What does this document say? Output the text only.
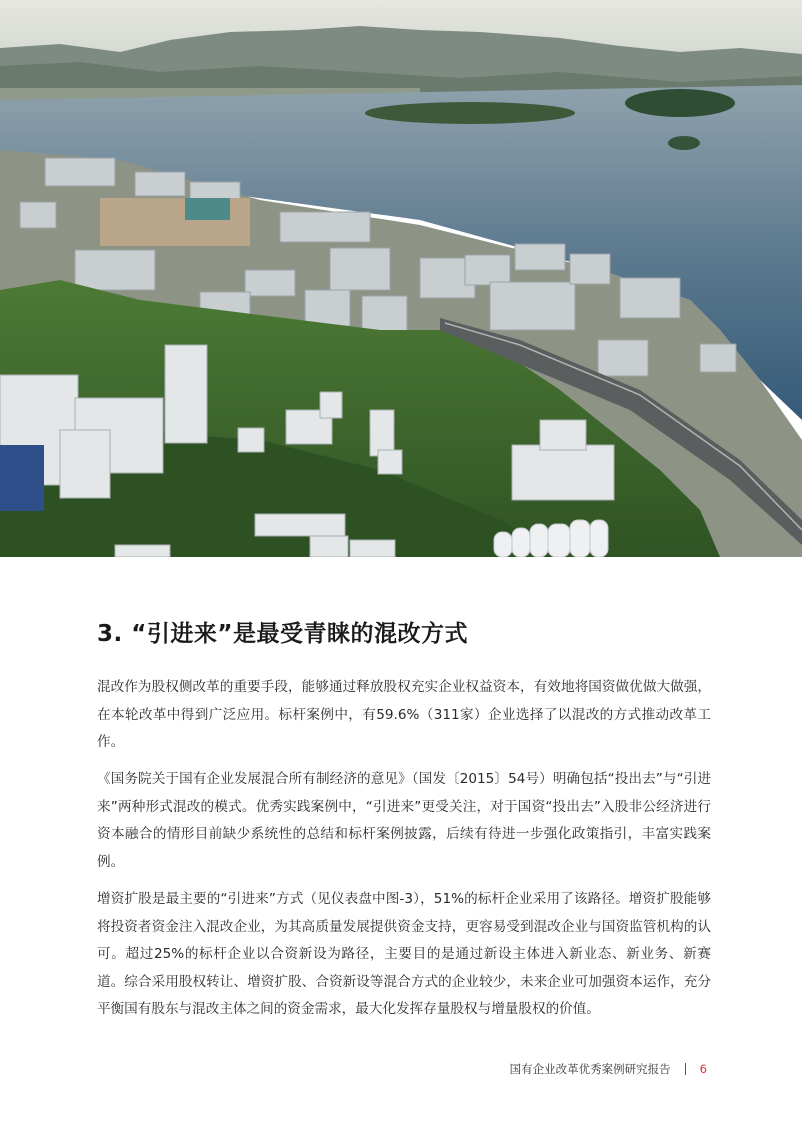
3. “引进来”是最受青睐的混改方式

混改作为股权侧改革的重要手段，能够通过释放股权充实企业权益资本，有效地将国资做优做大做强，在本轮改革中得到广泛应用。标杆案例中，有59.6%（311家）企业选择了以混改的方式推动改革工作。

《国务院关于国有企业发展混合所有制经济的意见》（国发〔2015〕54号）明确包括“投出去”与“引进来”两种形式混改的模式。优秀实践案例中，“引进来”更受关注，对于国资“投出去”入股非公经济进行资本融合的情形目前缺少系统性的总结和标杆案例披露，后续有待进一步强化政策指引，丰富实践案例。

增资扩股是最主要的“引进来”方式（见仪表盘中图-3），51%的标杆企业采用了该路径。增资扩股能够将投资者资金注入混改企业，为其高质量发展提供资金支持，更容易受到混改企业与国资监管机构的认可。超过25%的标杆企业以合资新设为路径，主要目的是通过新设主体进入新业态、新业务、新赛道。综合采用股权转让、增资扩股、合资新设等混合方式的企业较少，未来企业可加强资本运作，充分平衡国有股东与混改主体之间的资金需求，最大化发挥存量股权与增量股权的价值。

国有企业改革优秀案例研究报告	6
